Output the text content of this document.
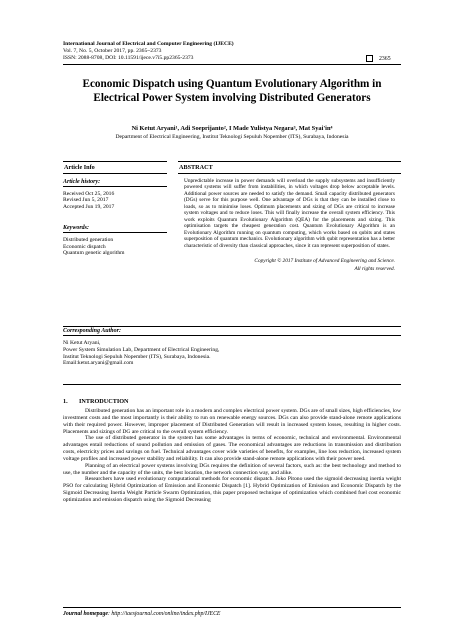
International Journal of Electrical and Computer Engineering (IJECE)
Vol. 7, No. 5, October 2017, pp. 2365~2373
ISSN: 2088-8708, DOI: 10.11591/ijece.v7i5.pp2365-2373	2365
Economic Dispatch using Quantum Evolutionary Algorithm in Electrical Power System involving Distributed Generators
Ni Ketut Aryani¹, Adi Soeprijanto², I Made Yulistya Negara³, Mat Syai'in⁴
Department of Electrical Engineering, Institut Teknologi Sepuluh Nopember (ITS), Surabaya, Indonesia
Article Info
Article history:
Received Oct 25, 2016
Revised Jun 5, 2017
Accepted Jun 19, 2017
Keywords:
Distributed generation
Economic dispatch
Quantum genetic algorithm
ABSTRACT
Unpredictable increase in power demands will overload the supply subsystems and insufficiently powered systems will suffer from instabilities, in which voltages drop below acceptable levels. Additional power sources are needed to satisfy the demand. Small capacity distributed generators (DGs) serve for this purpose well. One advantage of DGs is that they can be installed close to loads, so as to minimise loses. Optimum placements and sizing of DGs are critical to increase system voltages and to reduce loses. This will finally increase the overall system efficiency. This work exploits Quantum Evolutionary Algorithm (QEA) for the placements and sizing. This optimisation targets the cheapest generation cost. Quantum Evolutionary Algorithm is an Evolutionary Algorithm running on quantum computing, which works based on qubits and states superposition of quantum mechanics. Evolutionary algorithm with qubit representation has a better characteristic of diversity than classical approaches, since it can represent superposition of states.
Copyright © 2017 Institute of Advanced Engineering and Science.
All rights reserved.
Corresponding Author:
Ni Ketut Aryani,
Power System Simulation Lab, Department of Electrical Engineering,
Institut Teknologi Sepuluh Nopember (ITS), Surabaya, Indonesia.
Email:ketut.aryani@gmail.com
1. INTRODUCTION

Distributed generation has an important role in a modern and complex electrical power system. DGs are of small sizes, high efficiencies, low investment costs and the most importantly is their ability to run on renewable energy sources. DGs can also provide stand-alone remote applications with their required power. However, improper placement of Distributed Generation will result in increased system losses, resulting in higher costs. Placements and sizings of DG are critical to the overall system efficiency.

The use of distributed generator in the system has some advantages in terms of economic, technical and environmental. Environmental advantages entail reductions of sound pollution and emission of gases. The economical advantages are reductions in transmission and distribution costs, electricity prices and savings on fuel. Technical advantages cover wide varieties of benefits, for examples, line loss reduction, increased system voltage profiles and increased power stability and reliability. It can also provide stand-alone remote applications with their power need.

Planning of an electrical power systems involving DGs requires the definition of several factors, such as: the best technology and method to use, the number and the capacity of the units, the best location, the network connection way, and alike.

Researchers have used evolutionary computational methods for economic dispatch. Joko Pitono used the sigmoid decreasing inertia weight PSO for calculating Hybrid Optimization of Emission and Economic Dispatch [1]. Hybrid Optimization of Emission and Economic Dispatch by the Sigmoid Decreasing Inertia Weight Particle Swarm Optimization, this paper proposed technique of optimization which combined fuel cost economic optimization and emission dispatch using the Sigmoid Decreasing

Journal homepage: http://iaesjournal.com/online/index.php/IJECE
